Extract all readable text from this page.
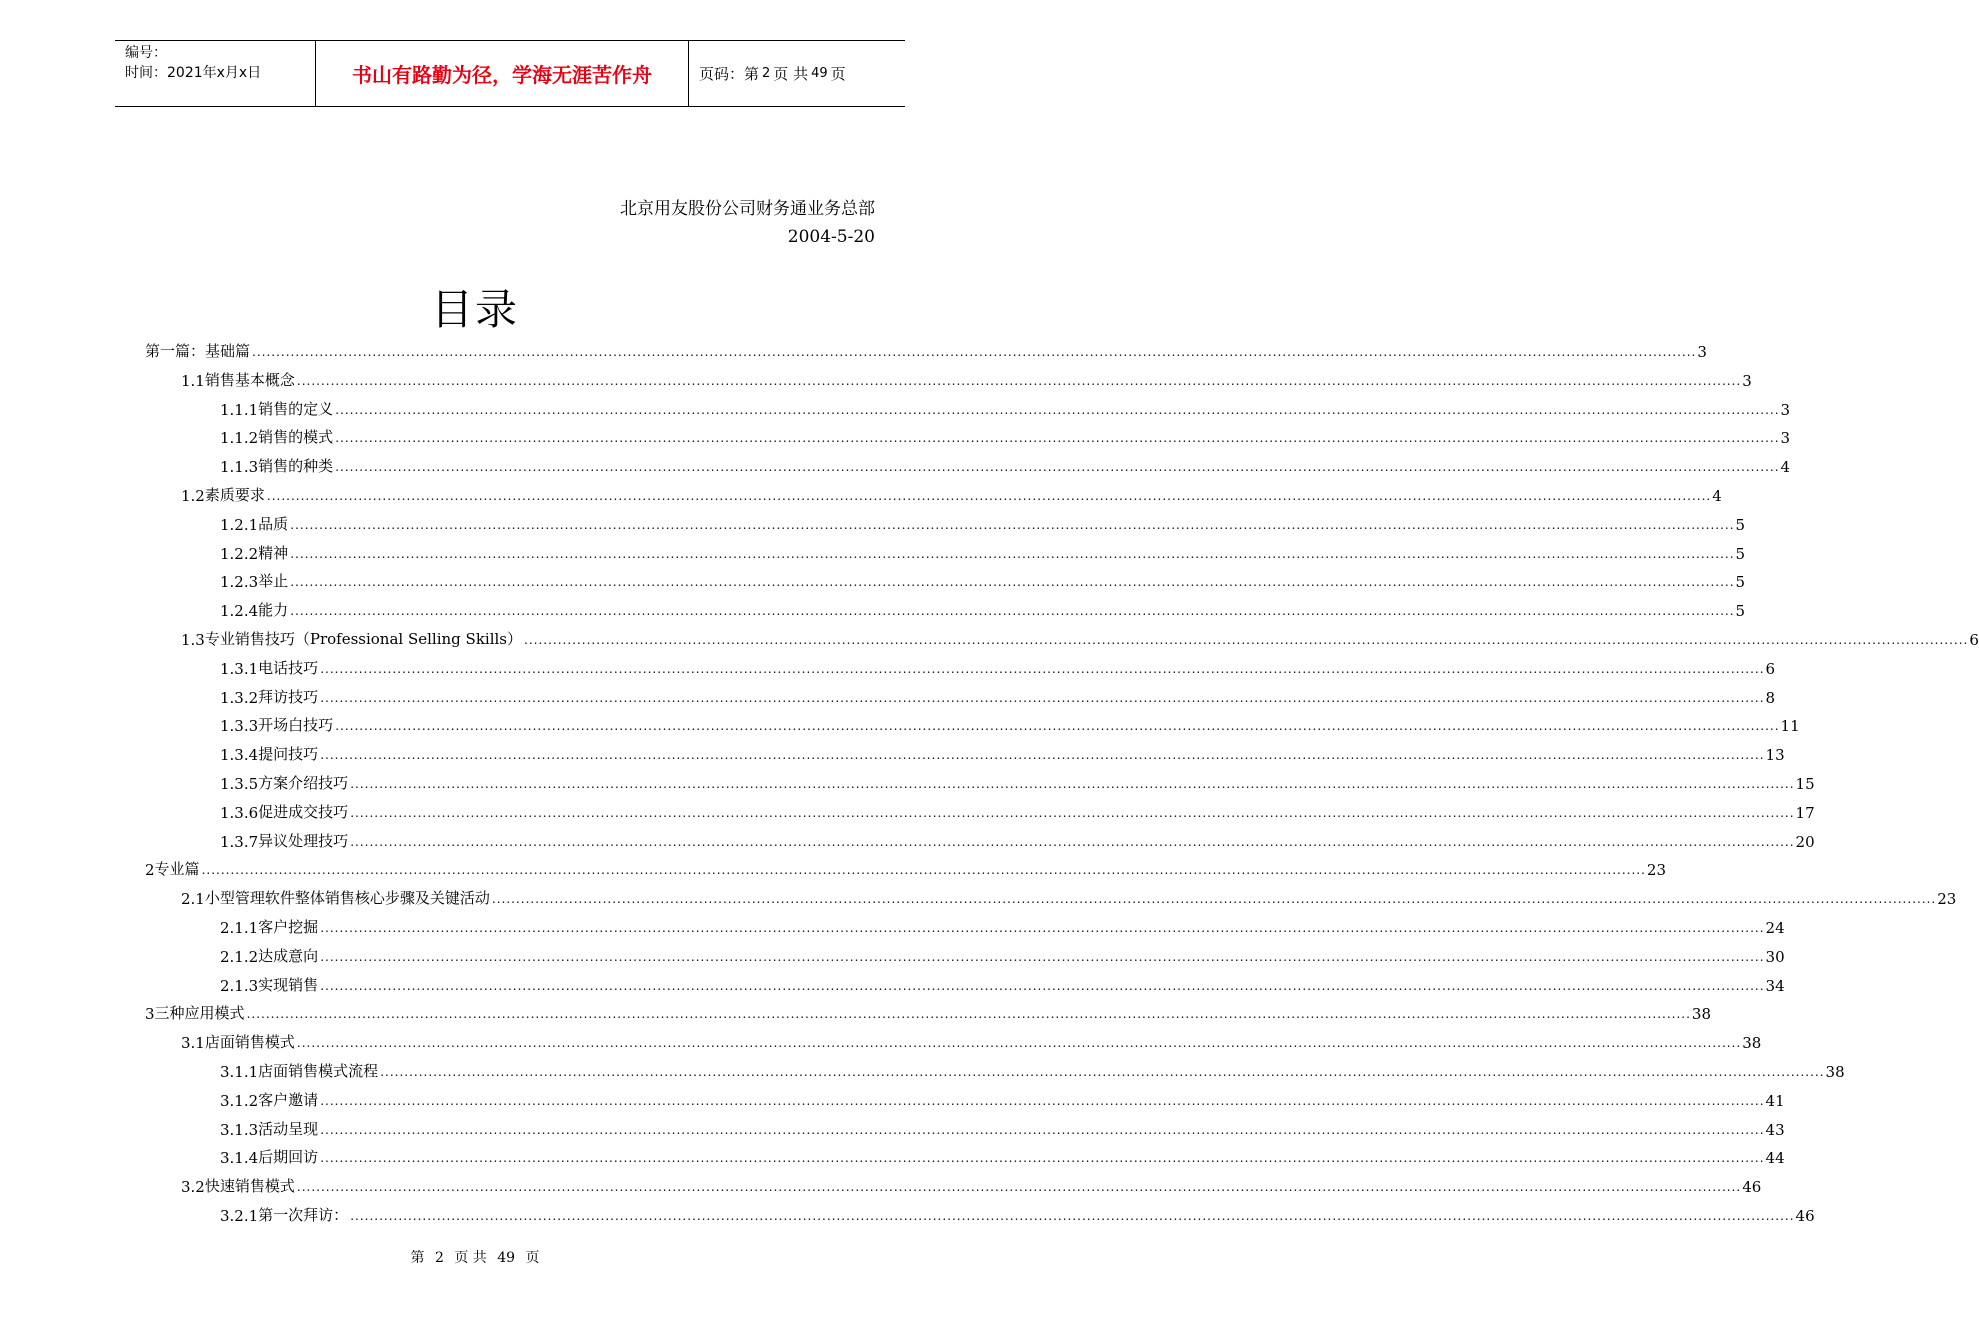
编号：
时间：2021年x月x日	书山有路勤为径，学海无涯苦作舟	页码：第 2 页 共 49 页
北京用友股份公司财务通业务总部
2004-5-20
目录
第一篇：基础篇 ............................................................................................................................................................................................................................................................................................................ 3
1.1 销售基本概念 ............................................................................................................................................................................................................................................................................................................ 3
1.1.1 销售的定义 ............................................................................................................................................................................................................................................................................................................ 3
1.1.2 销售的模式 ............................................................................................................................................................................................................................................................................................................ 3
1.1.3 销售的种类 ............................................................................................................................................................................................................................................................................................................ 4
1.2 素质要求 ............................................................................................................................................................................................................................................................................................................ 4
1.2.1 品质 ............................................................................................................................................................................................................................................................................................................ 5
1.2.2 精神 ............................................................................................................................................................................................................................................................................................................ 5
1.2.3 举止 ............................................................................................................................................................................................................................................................................................................ 5
1.2.4 能力 ............................................................................................................................................................................................................................................................................................................ 5
1.3 专业销售技巧（Professional Selling Skills） ............................................................................................................................................................................................................................................................................................................ 6
1.3.1 电话技巧 ............................................................................................................................................................................................................................................................................................................ 6
1.3.2 拜访技巧 ............................................................................................................................................................................................................................................................................................................ 8
1.3.3 开场白技巧 ............................................................................................................................................................................................................................................................................................................ 11
1.3.4 提问技巧 ............................................................................................................................................................................................................................................................................................................ 13
1.3.5 方案介绍技巧 ............................................................................................................................................................................................................................................................................................................ 15
1.3.6 促进成交技巧 ............................................................................................................................................................................................................................................................................................................ 17
1.3.7 异议处理技巧 ............................................................................................................................................................................................................................................................................................................ 20
2 专业篇 ............................................................................................................................................................................................................................................................................................................ 23
2.1 小型管理软件整体销售核心步骤及关键活动 ............................................................................................................................................................................................................................................................................................................ 23
2.1.1 客户挖掘 ............................................................................................................................................................................................................................................................................................................ 24
2.1.2 达成意向 ............................................................................................................................................................................................................................................................................................................ 30
2.1.3 实现销售 ............................................................................................................................................................................................................................................................................................................ 34
3 三种应用模式 ............................................................................................................................................................................................................................................................................................................ 38
3.1 店面销售模式 ............................................................................................................................................................................................................................................................................................................ 38
3.1.1 店面销售模式流程 ............................................................................................................................................................................................................................................................................................................ 38
3.1.2 客户邀请 ............................................................................................................................................................................................................................................................................................................ 41
3.1.3 活动呈现 ............................................................................................................................................................................................................................................................................................................ 43
3.1.4 后期回访 ............................................................................................................................................................................................................................................................................................................ 44
3.2 快速销售模式 ............................................................................................................................................................................................................................................................................................................ 46
3.2.1 第一次拜访： ............................................................................................................................................................................................................................................................................................................ 46
第 2 页 共 49 页
